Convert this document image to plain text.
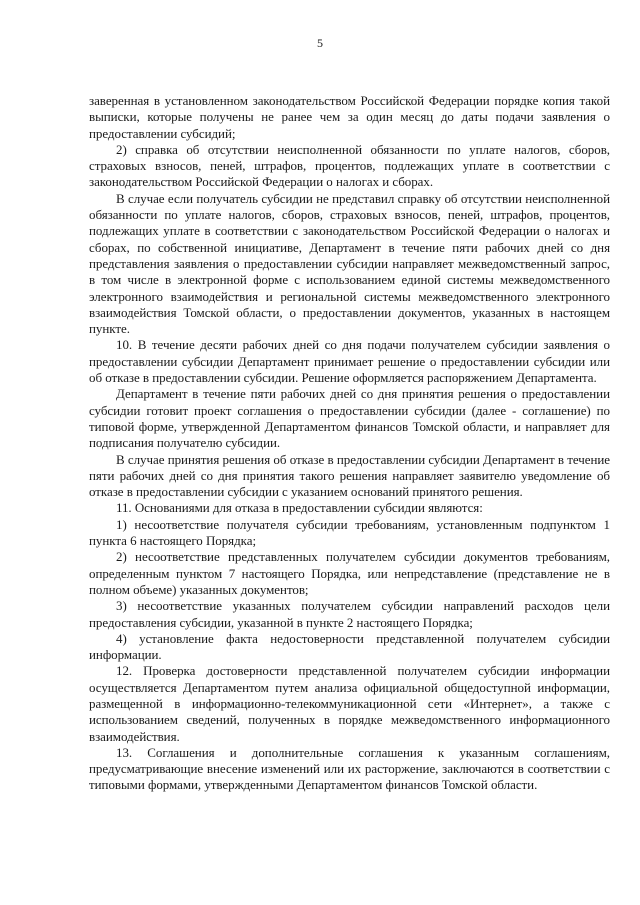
5

заверенная в установленном законодательством Российской Федерации порядке копия такой выписки, которые получены не ранее чем за один месяц до даты подачи заявления о предоставлении субсидий;

2) справка об отсутствии неисполненной обязанности по уплате налогов, сборов, страховых взносов, пеней, штрафов, процентов, подлежащих уплате в соответствии с законодательством Российской Федерации о налогах и сборах.

В случае если получатель субсидии не представил справку об отсутствии неисполненной обязанности по уплате налогов, сборов, страховых взносов, пеней, штрафов, процентов, подлежащих уплате в соответствии с законодательством Российской Федерации о налогах и сборах, по собственной инициативе, Департамент в течение пяти рабочих дней со дня представления заявления о предоставлении субсидии направляет межведомственный запрос, в том числе в электронной форме с использованием единой системы межведомственного электронного взаимодействия и региональной системы межведомственного электронного взаимодействия Томской области, о предоставлении документов, указанных в настоящем пункте.

10. В течение десяти рабочих дней со дня подачи получателем субсидии заявления о предоставлении субсидии Департамент принимает решение о предоставлении субсидии или об отказе в предоставлении субсидии. Решение оформляется распоряжением Департамента.

Департамент в течение пяти рабочих дней со дня принятия решения о предоставлении субсидии готовит проект соглашения о предоставлении субсидии (далее - соглашение) по типовой форме, утвержденной Департаментом финансов Томской области, и направляет для подписания получателю субсидии.

В случае принятия решения об отказе в предоставлении субсидии Департамент в течение пяти рабочих дней со дня принятия такого решения направляет заявителю уведомление об отказе в предоставлении субсидии с указанием оснований принятого решения.

11. Основаниями для отказа в предоставлении субсидии являются:

1) несоответствие получателя субсидии требованиям, установленным подпунктом 1 пункта 6 настоящего Порядка;

2) несоответствие представленных получателем субсидии документов требованиям, определенным пунктом 7 настоящего Порядка, или непредставление (представление не в полном объеме) указанных документов;

3) несоответствие указанных получателем субсидии направлений расходов цели предоставления субсидии, указанной в пункте 2 настоящего Порядка;

4) установление факта недостоверности представленной получателем субсидии информации.

12. Проверка достоверности представленной получателем субсидии информации осуществляется Департаментом путем анализа официальной общедоступной информации, размещенной в информационно-телекоммуникационной сети «Интернет», а также с использованием сведений, полученных в порядке межведомственного информационного взаимодействия.

13. Соглашения и дополнительные соглашения к указанным соглашениям, предусматривающие внесение изменений или их расторжение, заключаются в соответствии с типовыми формами, утвержденными Департаментом финансов Томской области.
